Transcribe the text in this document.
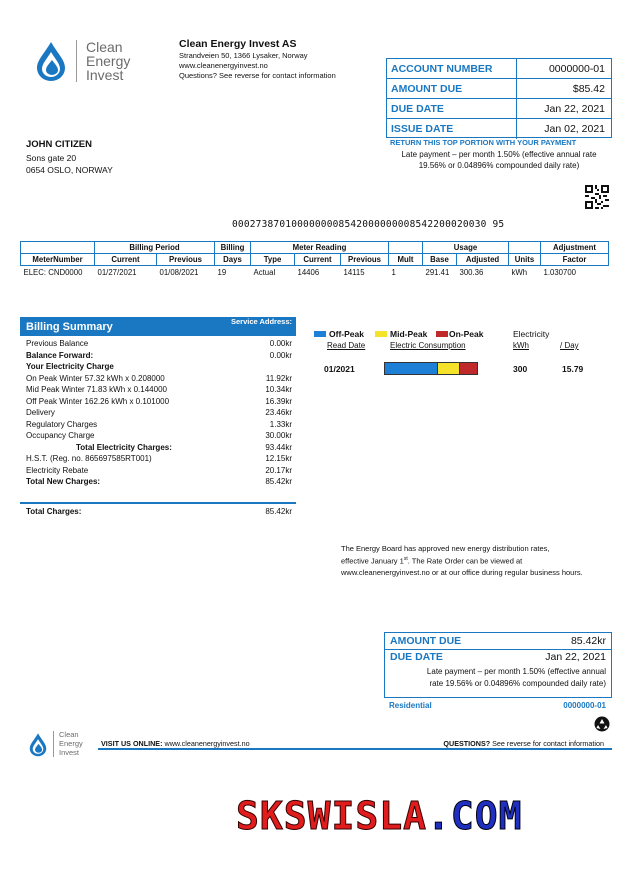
Clean
Energy
Invest
Clean Energy Invest AS
Strandveien 50, 1366 Lysaker, Norway
www.cleanenergyinvest.no
Questions? See reverse for contact information
ACCOUNT NUMBER	0000000-01
AMOUNT DUE	$85.42
DUE DATE	Jan 22, 2021
ISSUE DATE	Jan 02, 2021
RETURN THIS TOP PORTION WITH YOUR PAYMENT
Late payment – per month 1.50% (effective annual rate
19.56% or 0.04896% compounded daily rate)
JOHN CITIZEN
Sons gate 20
0654 OSLO, NORWAY
0002738701000000008542000000008542200020030 95
	Billing Period		Billing	Meter Reading				Usage			Adjustment
MeterNumber	Current	Previous	Days	Type	Current	Previous	Mult	Base	Adjusted	Units	Factor
ELEC: CND0000	01/27/2021	01/08/2021	19	Actual	14406	14115	1	291.41	300.36	kWh	1.030700
Billing Summary	Service Address:
Previous Balance	0.00kr
Balance Forward:	0.00kr
Your Electricity Charge
On Peak Winter 57.32 kWh x 0.208000	11.92kr
Mid Peak Winter 71.83 kWh x 0.144000	10.34kr
Off Peak Winter 162.26 kWh x 0.101000	16.39kr
Delivery	23.46kr
Regulatory Charges	1.33kr
Occupancy Charge	30.00kr
Total Electricity Charges:	93.44kr
H.S.T. (Reg. no. 865697585RT001)	12.15kr
Electricity Rebate	20.17kr
Total New Charges:	85.42kr
Total Charges:	85.42kr
Off-Peak	Mid-Peak	On-Peak
Read Date	Electric Consumption
Electricity
kWh	/ Day
01/2021	300	15.79
The Energy Board has approved new energy distribution rates,
effective January 1st. The Rate Order can be viewed at
www.cleanenergyinvest.no or at our office during regular business hours.
AMOUNT DUE	85.42kr
DUE DATE	Jan 22, 2021
Late payment – per month 1.50% (effective annual
rate 19.56% or 0.04896% compounded daily rate)
Residential	0000000-01
Clean
Energy
Invest
VISIT US ONLINE: www.cleanenergyinvest.no	QUESTIONS? See reverse for contact information
SKSWISLA.COM
